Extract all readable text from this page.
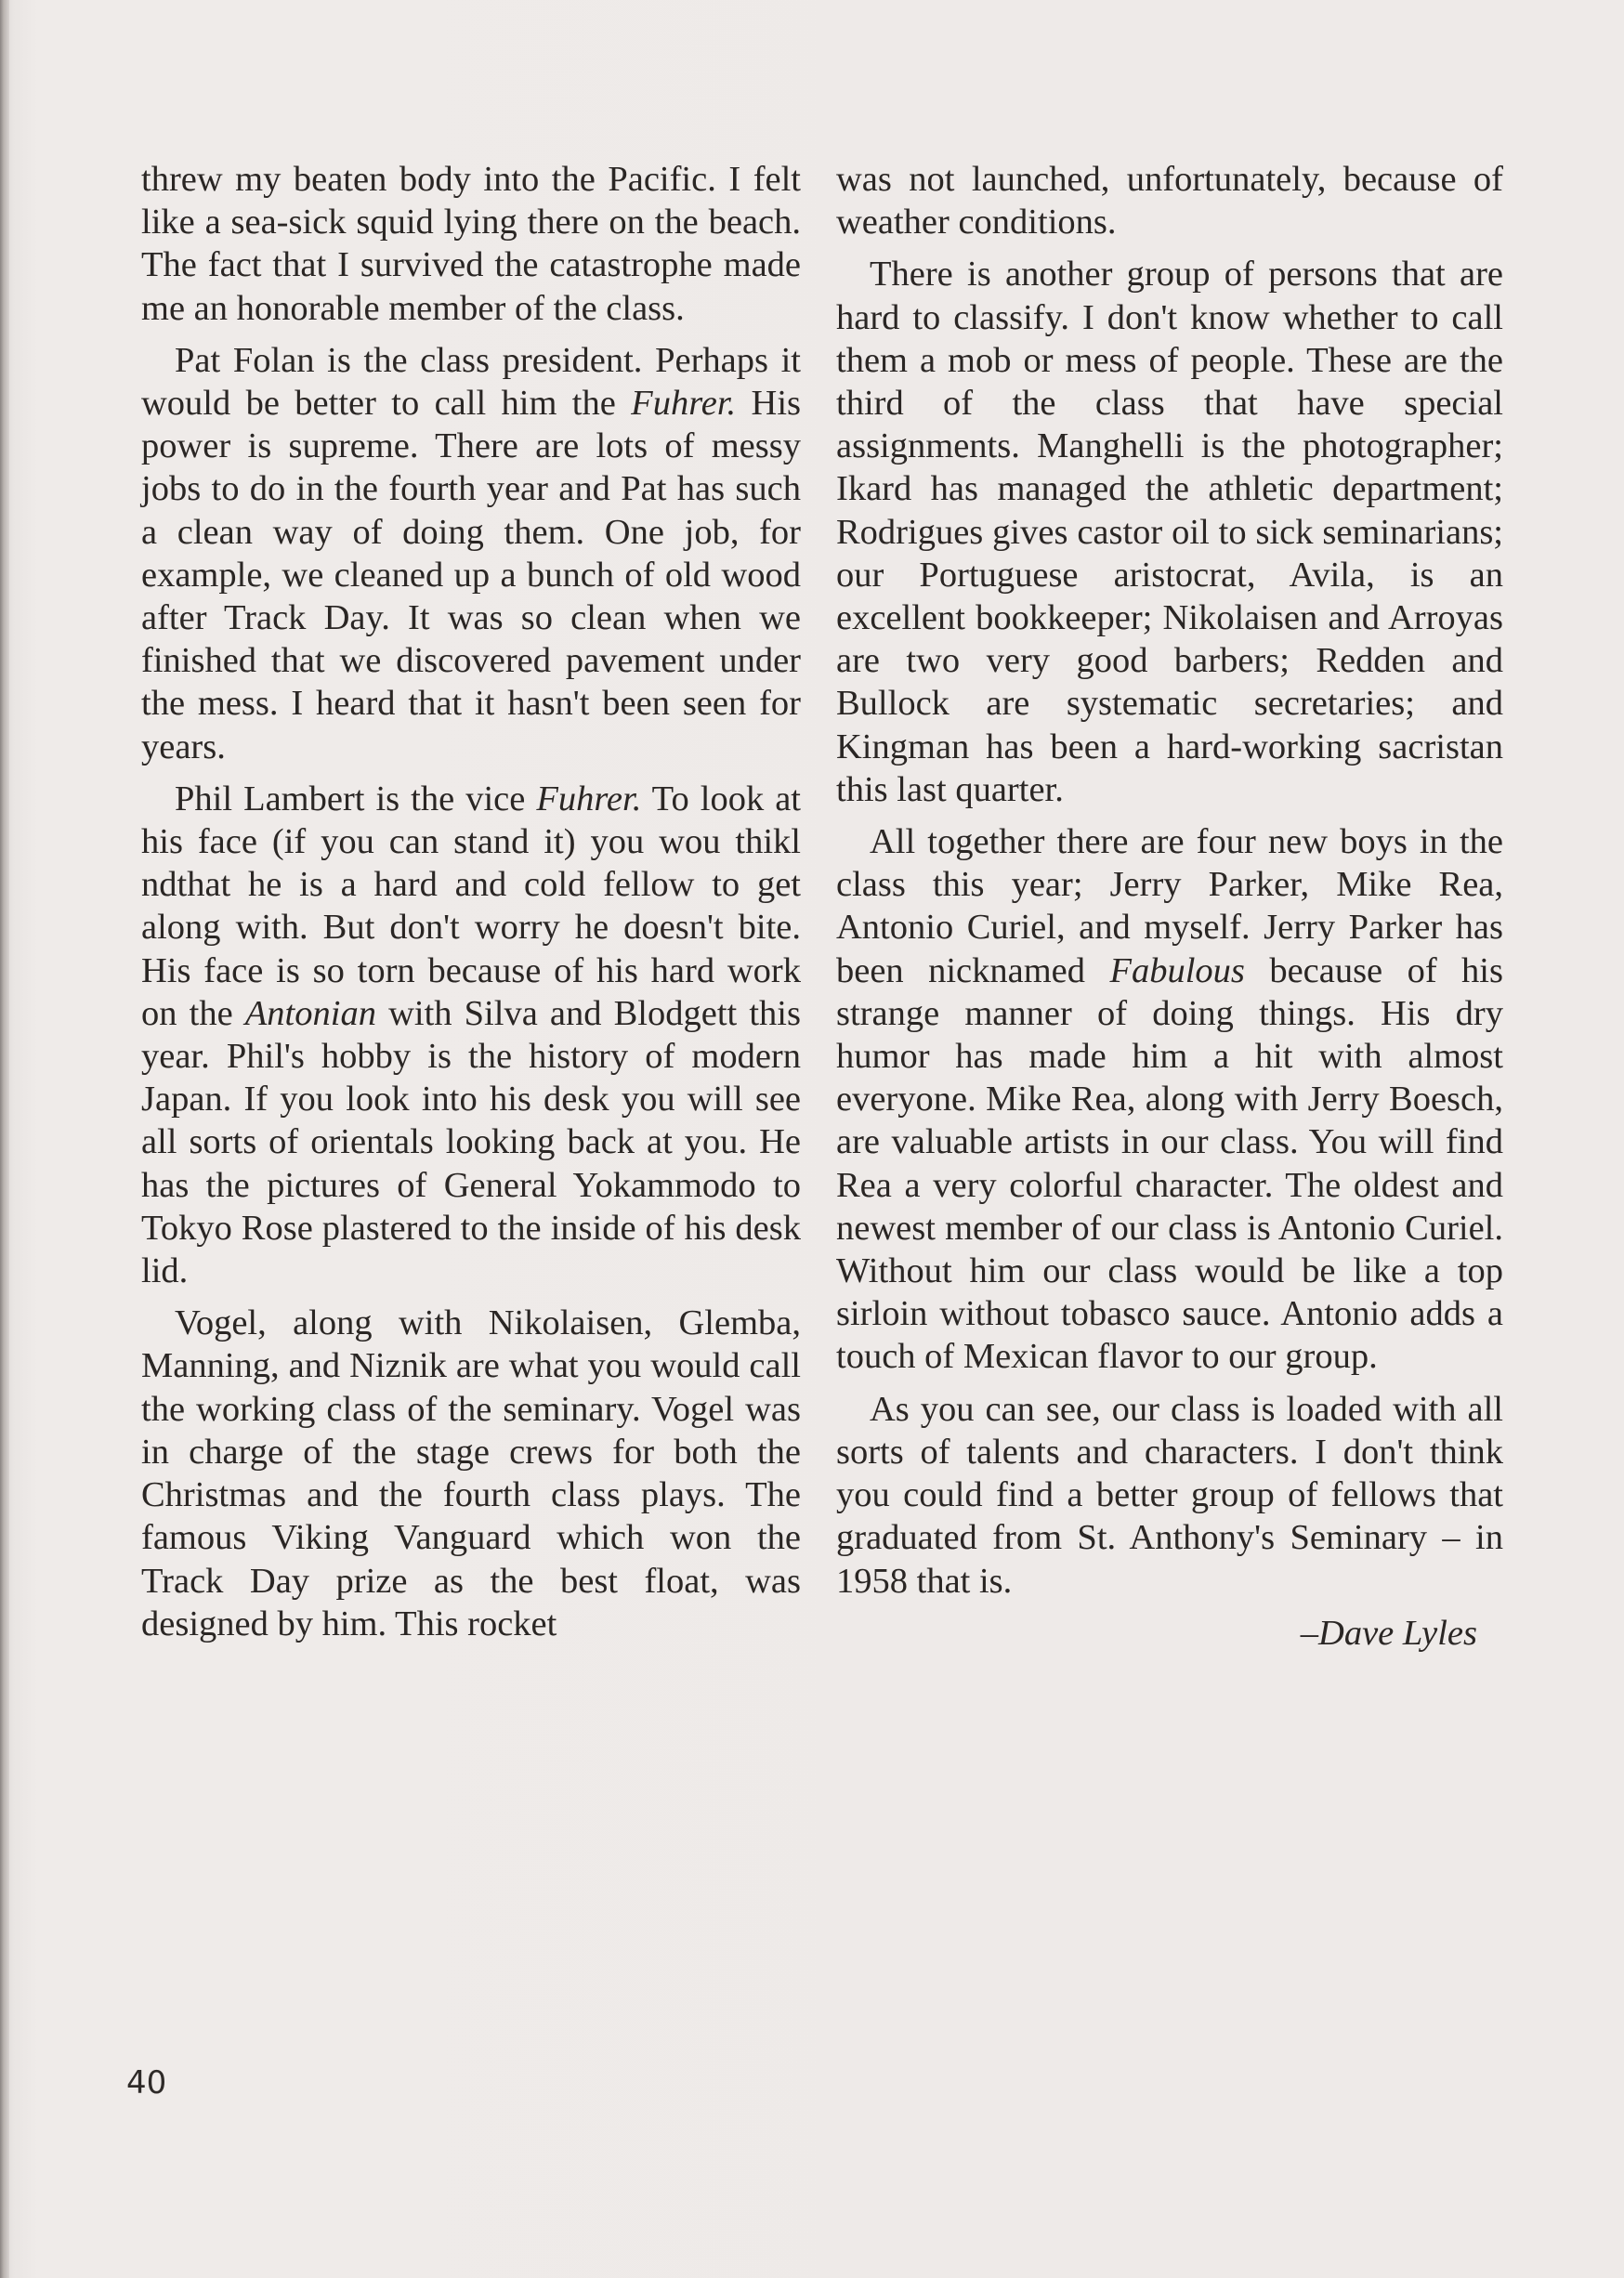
threw my beaten body into the Pacific. I felt like a sea-sick squid lying there on the beach. The fact that I survived the catastrophe made me an honorable member of the class.

Pat Folan is the class president. Perhaps it would be better to call him the Fuhrer. His power is supreme. There are lots of messy jobs to do in the fourth year and Pat has such a clean way of doing them. One job, for example, we cleaned up a bunch of old wood after Track Day. It was so clean when we finished that we discovered pavement under the mess. I heard that it hasn't been seen for years.

Phil Lambert is the vice Fuhrer. To look at his face (if you can stand it) you wou thikl ndthat he is a hard and cold fellow to get along with. But don't worry he doesn't bite. His face is so torn because of his hard work on the Antonian with Silva and Blodgett this year. Phil's hobby is the history of modern Japan. If you look into his desk you will see all sorts of orientals looking back at you. He has the pictures of General Yokammodo to Tokyo Rose plastered to the inside of his desk lid.

Vogel, along with Nikolaisen, Glemba, Manning, and Niznik are what you would call the working class of the seminary. Vogel was in charge of the stage crews for both the Christmas and the fourth class plays. The famous Viking Vanguard which won the Track Day prize as the best float, was designed by him. This rocket

was not launched, unfortunately, because of weather conditions.

There is another group of persons that are hard to classify. I don't know whether to call them a mob or mess of people. These are the third of the class that have special assignments. Manghelli is the photographer; Ikard has managed the athletic department; Rodrigues gives castor oil to sick seminarians; our Portuguese aristocrat, Avila, is an excellent bookkeeper; Nikolaisen and Arroyas are two very good barbers; Redden and Bullock are systematic secretaries; and Kingman has been a hard-working sacristan this last quarter.

All together there are four new boys in the class this year; Jerry Parker, Mike Rea, Antonio Curiel, and myself. Jerry Parker has been nicknamed Fabulous because of his strange manner of doing things. His dry humor has made him a hit with almost everyone. Mike Rea, along with Jerry Boesch, are valuable artists in our class. You will find Rea a very colorful character. The oldest and newest member of our class is Antonio Curiel. Without him our class would be like a top sirloin without tobasco sauce. Antonio adds a touch of Mexican flavor to our group.

As you can see, our class is loaded with all sorts of talents and characters. I don't think you could find a better group of fellows that graduated from St. Anthony's Seminary – in 1958 that is.

–Dave Lyles

40
